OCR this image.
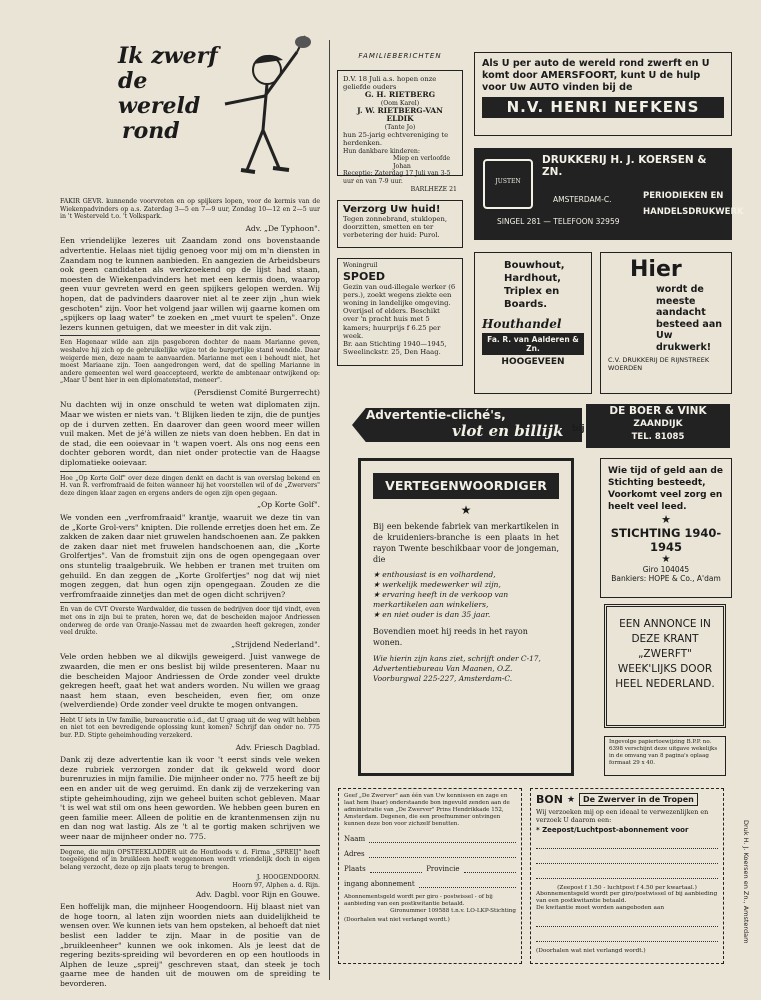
Ik zwerf
de wereld
rond

FAKIR GEVR. kunnende voorvreten en op spijkers lopen, voor de kermis van de Wiekenpadvinders op a.s. Zaterdag 3—5 en 7—9 uur, Zondag 10—12 en 2—5 uur in 't Westerveld t.o. 't Volkspark.

Adv. „De Typhoon".

Een vriendelijke lezeres uit Zaandam zond ons bovenstaande advertentie. Helaas niet tijdig genoeg voor mij om m'n diensten in Zaandam nog te kunnen aanbieden. En aangezien de Arbeidsbeurs ook geen candidaten als werkzoekend op de lijst had staan, moesten de Wiekenpadvinders het met een kermis doen, waarop geen vuur gevreten werd en geen spijkers gelopen werden. Wij hopen, dat de padvinders daarover niet al te zeer zijn „hun wiek geschoten" zijn. Voor het volgend jaar willen wij gaarne komen om „spijkers op laag water" te zoeken en „met vuurt te spelen". Onze lezers kunnen getuigen, dat we meester in dit vak zijn.

Een Hagenaar wilde aan zijn pasgeboren dochter de naam Marianne geven, weshalve hij zich op de gebruikelijke wijze tot de burgerlijke stand wendde. Daar weigerde men, deze naam te aanvaarden. Marianne met een i behoudt niet, het moest Mariaane zijn. Toen aangedrongen werd, dat de spelling Marianne in andere gemeenten wel werd geaccepteerd, werkte de ambtenaar ontwijkend op: „Maar U bent hier in een diplomatenstad, meneer".

(Persdienst Comité Burgerrecht)

Nu dachten wij in onze onschuld te weten wat diplomaten zijn. Maar we wisten er niets van. 't Blijken lieden te zijn, die de puntjes op de i durven zetten. En daarover dan geen woord meer willen vuil maken. Met de jé'à willen ze niets van doen hebben. En dat in de stad, die een ooievaar in 't wapen voert. Als ons nog eens een dochter geboren wordt, dan niet onder protectie van de Haagse diplomatieke ooievaar.

Hoe „Op Korte Golf" over deze dingen denkt en dacht is van overslag bekend en H. van R. verfromfraaid de feiten wanneer hij het voorstellen wil of de „Zwervers" deze dingen klaar zagen en ergens anders de ogen zijn open gegaan.

„Op Korte Golf".

We vonden een „verfromfraaid" krantje, waaruit we deze tin van de „Korte Grol-vers" knipten. Die rollende erretjes doen het em. Ze zakken de zaken daar niet gruwelen handschoenen aan. Ze pakken de zaken daar niet met fruwelen handschoenen aan, die „Korte Grolfertjes". Van de fromstuit zijn ons de ogen opengegaan over ons stuntelig traalgebruik. We hebben er tranen met truiten om gehuild. En dan zeggen de „Korte Grolfertjes" nog dat wij niet mogen zeggen, dat hun ogen zijn opengegaan. Zouden ze die verfromfraaide zinnetjes dan met de ogen dicht schrijven?

En van de CVT Overste Wardwalder, die tussen de bedrijven door tijd vindt, even met ons in zijn bui te praten, horen we, dat de bescheiden majoor Andriessen onderweg de orde van Oranje-Nassau met de zwaarden heeft gekregen, zonder veel drukte.

„Strijdend Nederland".

Vele orden hebben we al dikwijls geweigerd. Juist vanwege de zwaarden, die men er ons beslist bij wilde presenteren. Maar nu die bescheiden Majoor Andriessen de Orde zonder veel drukte gekregen heeft, gaat het wat anders worden. Nu willen we graag naast hem staan, even bescheiden, even fier, om onze (welverdiende) Orde zonder veel drukte te mogen ontvangen.

Hebt U iets in Uw familie, bureaucratie o.i.d., dat U graag uit de weg wilt hebben en niet tot een bevredigende oplossing kunt komen? Schrijf dan onder no. 775 bur. P.D. Stipte geheimhouding verzekerd.

Adv. Friesch Dagblad.

Dank zij deze advertentie kan ik voor 't eerst sinds vele weken deze rubriek verzorgen zonder dat ik gekweld word door burenruzies in mijn familie. Die mijnheer onder no. 775 heeft ze bij een en ander uit de weg geruimd. En dank zij de verzekering van stipte geheimhouding, zijn we geheel buiten schot gebleven. Maar 't is wel wat stil om ons heen geworden. We hebben geen buren en geen familie meer. Alleen de politie en de krantenmensen zijn nu en dan nog wat lastig. Als ze 't al te gortig maken schrijven we weer naar de mijnheer onder no. 775.

Degene, die mijn OPSTEEKLADDER uit de Houtloods v. d. Firma „SPREIJ" heeft toegeëigend of in bruikleen heeft weggenomen wordt vriendelijk doch in eigen belang verzocht, deze op zijn plaats terug te brengen.

J. HOOGENDOORN.

Hoorn 97, Alphen a. d. Rijn.

Adv. Dagbl. voor Rijn en Gouwe.

Een hoffelijk man, die mijnheer Hoogendoorn. Hij blaast niet van de hoge toorn, al laten zijn woorden niets aan duidelijkheid te wensen over. We kunnen iets van hem opsteken, al behoeft dat niet beslist een ladder te zijn. Maar in de positie van de „bruikleenheer" kunnen we ook inkomen. Als je leest dat de regering bezits-spreiding wil bevorderen en op een houtloods in Alphen de leuze „spreij" geschreven staat, dan steek je toch gaarne mee de handen uit de mouwen om de spreiding te bevorderen.

FAMILIEBERICHTEN
D.V. 18 Juli a.s. hopen onze geliefde ouders
G. H. RIETBERG
(Oom Karel)
J. W. RIETBERG-VAN ELDIK
(Tante Jo)
hun 25-jarig echtvereniging te herdenken.
Hun dankbare kinderen:
Miep en verloofde
Johan
Receptie: Zaterdag 17 Juli van 3-5 uur en van 7-9 uur.
BARLHEZE 21
Verzorg Uw huid!
Tegen zonnebrand, stuklopen, doorzitten, smetten en ter verbetering der huid: Purol.
Woningruil
SPOED
Gezin van oud-illegale werker (6 pers.), zoekt wegens ziekte een woning in landelijke omgeving. Overijsel of elders. Beschikt over 'n pracht huis met 5 kamers; huurprijs f 6.25 per week.
Br. aan Stichting 1940—1945, Sweelinckstr. 25, Den Haag.
Als U per auto de wereld rond zwerft en U komt door AMERSFOORT, kunt U de hulp voor Uw AUTO vinden bij de
N.V. HENRI NEFKENS
DRUKKERIJ H. J. KOERSEN & ZN.
JUSTEN
AMSTERDAM-C.
SINGEL 281 — TELEFOON 32959
PERIODIEKEN EN
HANDELSDRUKWERK
Bouwhout,
Hardhout,
Triplex en
Boards.
Houthandel
Fa. R. van Aalderen & Zn.
HOOGEVEEN
Hier
wordt de meeste aandacht besteed aan Uw drukwerk!
C.V. DRUKKERIJ DE RIJNSTREEK WOERDEN
Advertentie-cliché's,
vlot en billijk bij
DE BOER & VINK
ZAANDIJK
TEL. 81085
VERTEGENWOORDIGER
★
Bij een bekende fabriek van merkartikelen in de kruideniers-branche is een plaats in het rayon Twente beschikbaar voor de jongeman, die
★ enthousiast is en volhardend,
★ werkelijk medewerker wil zijn,
★ ervaring heeft in de verkoop van merkartikelen aan winkeliers,
★ en niet ouder is dan 35 jaar.
Bovendien moet hij reeds in het rayon wonen.
Wie hierin zijn kans ziet, schrijft onder C-17, Advertentiebureau Van Maanen, O.Z. Voorburgwal 225-227, Amsterdam-C.
Wie tijd of geld aan de Stichting besteedt, Voorkomt veel zorg en heelt veel leed.
★
STICHTING 1940-1945
★
Giro 104045
Bankiers: HOPE & Co., A'dam
EEN ANNONCE IN DEZE KRANT „ZWERFT" WEEK'LIJKS DOOR HEEL NEDERLAND.
Ingevolge papiertoewijzing B.P.P. no. 6398 verschijnt deze uitgave wekelijks in de omvang van 8 pagina's oplaag formaat 29 x 40.
Geef „De Zwerver" aan één van Uw kennissen en zage en laat hem (haar) onderstaande bon ingevuld zenden aan de administratie van „De Zwerver" Prins Hendrikkade 152, Amsterdam. Degenen, die een proefnummer ontvingen kunnen deze bon voor zichzelf benutten.
Naam
Adres
Plaats	Provincie
ingang abonnement
Abonnementsgeld wordt per giro - postwissel - of bij aanbieding van een postkwitantie betaald.
Gironummer 109588 t.n.v. LO-LKP-Stichting
(Doorhalen wat niet verlangd wordt.)
BON ★	De Zwerver in de Tropen
Wij verzoeken mij op een ideaal te verwezenlijken en verzoek U daarom een:
* Zeepost/Luchtpost-abonnement voor
(Zeepost f 1.50 - luchtpost f 4.50 per kwartaal.)
Abonnementsgeld wordt per giro/postwissel of bij aanbieding van een postkwitantie betaald.
De kwitantie moet worden aangeboden aan
(Doorhalen wat niet verlangd wordt.)
Druk H. J. Koersen en Zn., Amsterdam
